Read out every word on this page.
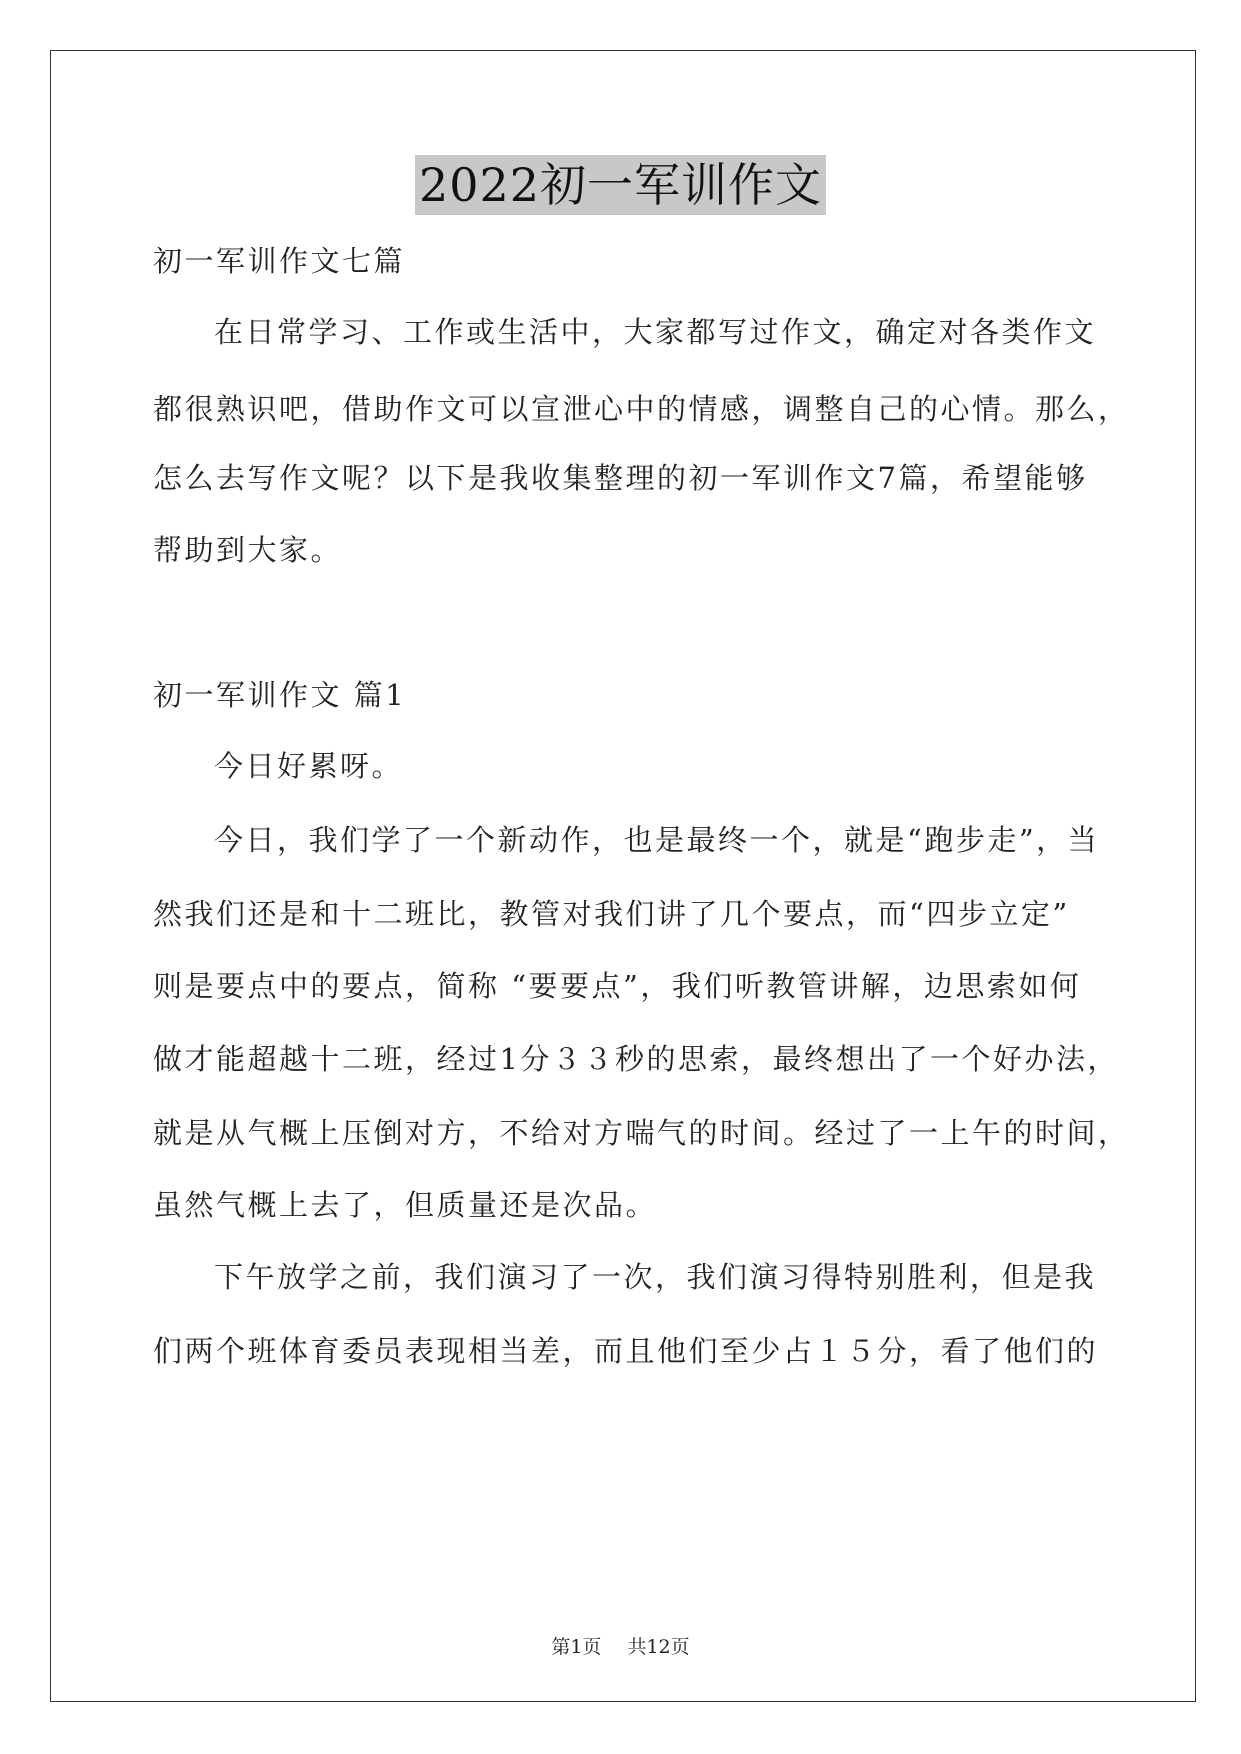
2022初一军训作文
初一军训作文七篇
在日常学习、工作或生活中，大家都写过作文，确定对各类作文
都很熟识吧，借助作文可以宣泄心中的情感，调整自己的心情。那么，
怎么去写作文呢？以下是我收集整理的初一军训作文7篇，希望能够
帮助到大家。
初一军训作文 篇1
今日好累呀。
今日，我们学了一个新动作，也是最终一个，就是“跑步走”，当
然我们还是和十二班比，教管对我们讲了几个要点，而“四步立定”
则是要点中的要点，简称 “要要点”，我们听教管讲解，边思索如何
做才能超越十二班，经过1分３３秒的思索，最终想出了一个好办法，
就是从气概上压倒对方，不给对方喘气的时间。经过了一上午的时间，
虽然气概上去了，但质量还是次品。
下午放学之前，我们演习了一次，我们演习得特别胜利，但是我
们两个班体育委员表现相当差，而且他们至少占１５分，看了他们的
第1页 共12页
